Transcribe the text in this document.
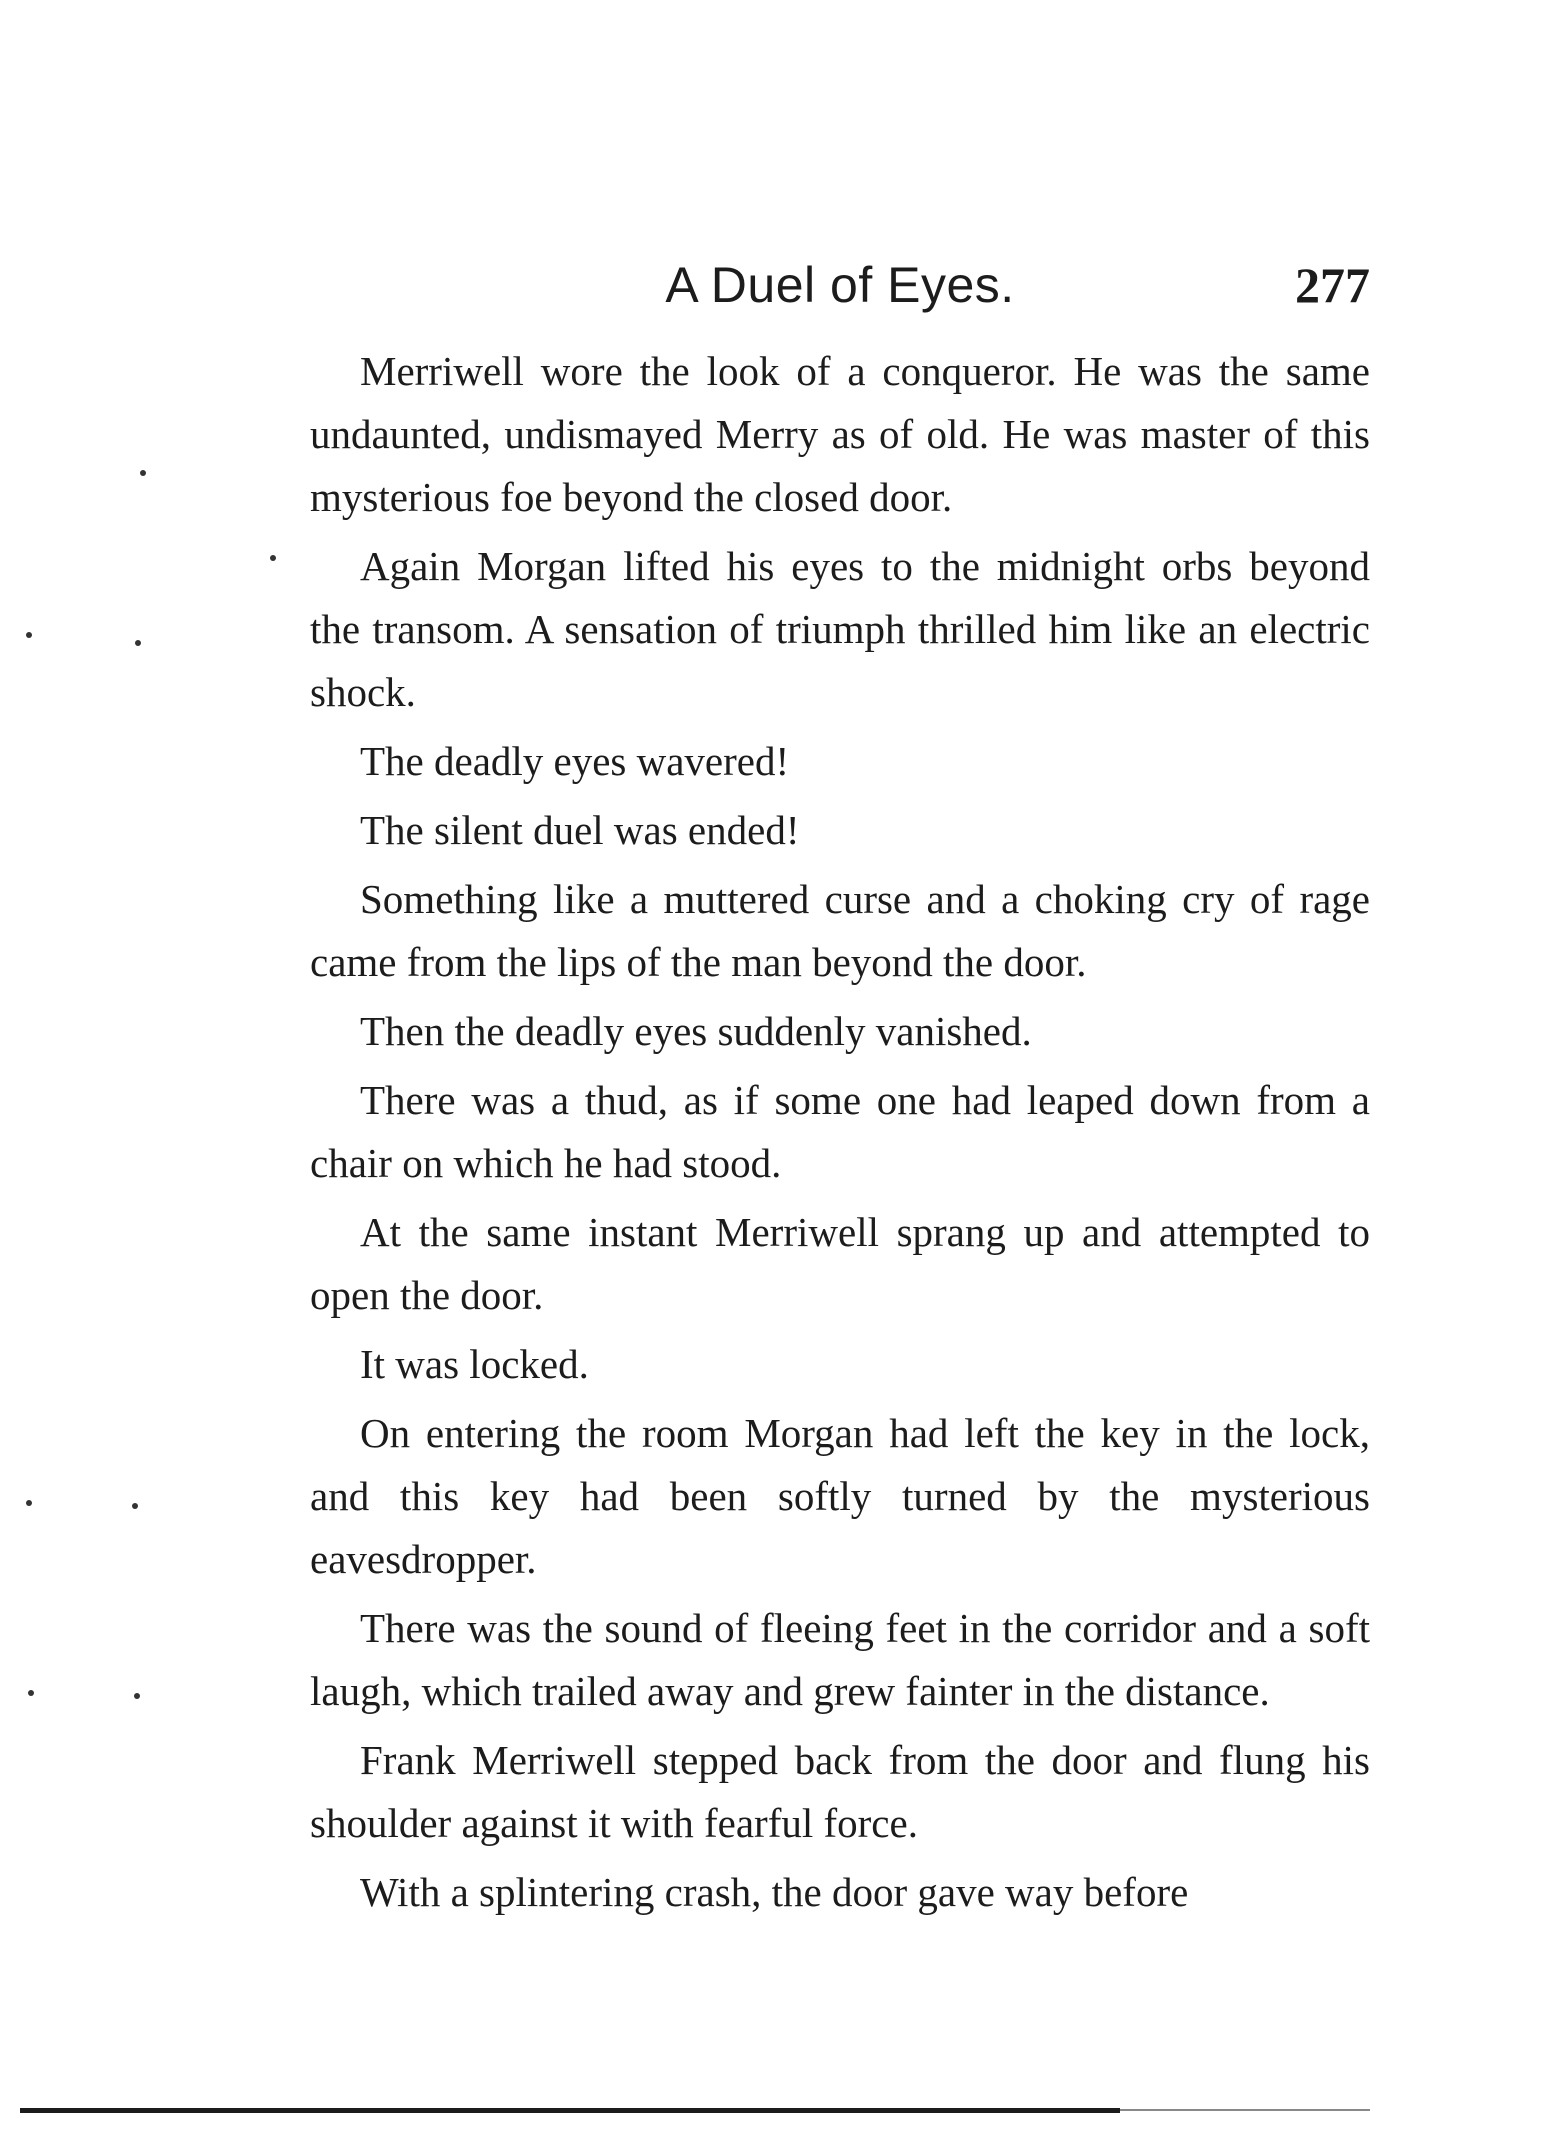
A Duel of Eyes.	277

Merriwell wore the look of a conqueror. He was the same undaunted, undismayed Merry as of old. He was master of this mysterious foe beyond the closed door.

Again Morgan lifted his eyes to the midnight orbs beyond the transom. A sensation of triumph thrilled him like an electric shock.

The deadly eyes wavered!

The silent duel was ended!

Something like a muttered curse and a choking cry of rage came from the lips of the man beyond the door.

Then the deadly eyes suddenly vanished.

There was a thud, as if some one had leaped down from a chair on which he had stood.

At the same instant Merriwell sprang up and attempted to open the door.

It was locked.

On entering the room Morgan had left the key in the lock, and this key had been softly turned by the mysterious eavesdropper.

There was the sound of fleeing feet in the corridor and a soft laugh, which trailed away and grew fainter in the distance.

Frank Merriwell stepped back from the door and flung his shoulder against it with fearful force.

With a splintering crash, the door gave way before
